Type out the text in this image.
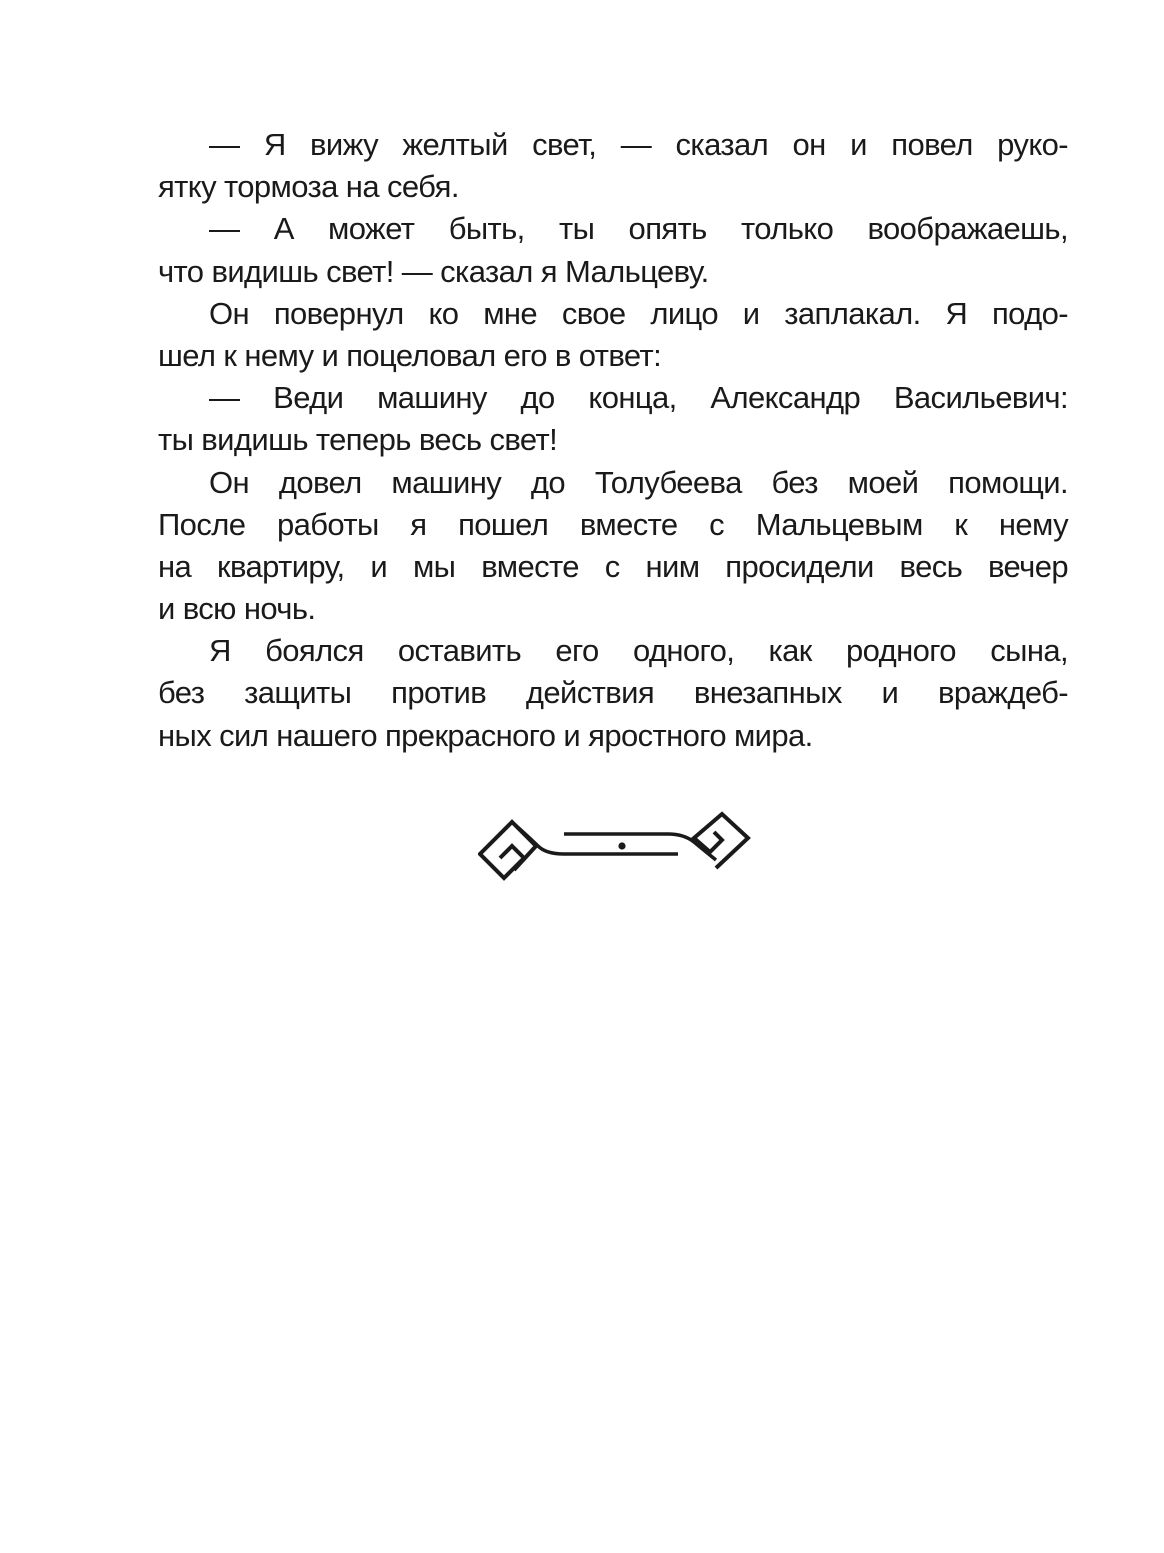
— Я вижу желтый свет, — сказал он и повел руко-
ятку тормоза на себя.
— А может быть, ты опять только воображаешь,
что видишь свет! — сказал я Мальцеву.
Он повернул ко мне свое лицо и заплакал. Я подо-
шел к нему и поцеловал его в ответ:
— Веди машину до конца, Александр Васильевич:
ты видишь теперь весь свет!
Он довел машину до Толубеева без моей помощи.
После работы я пошел вместе с Мальцевым к нему
на квартиру, и мы вместе с ним просидели весь вечер
и всю ночь.
Я боялся оставить его одного, как родного сына,
без защиты против действия внезапных и враждеб-
ных сил нашего прекрасного и яростного мира.
